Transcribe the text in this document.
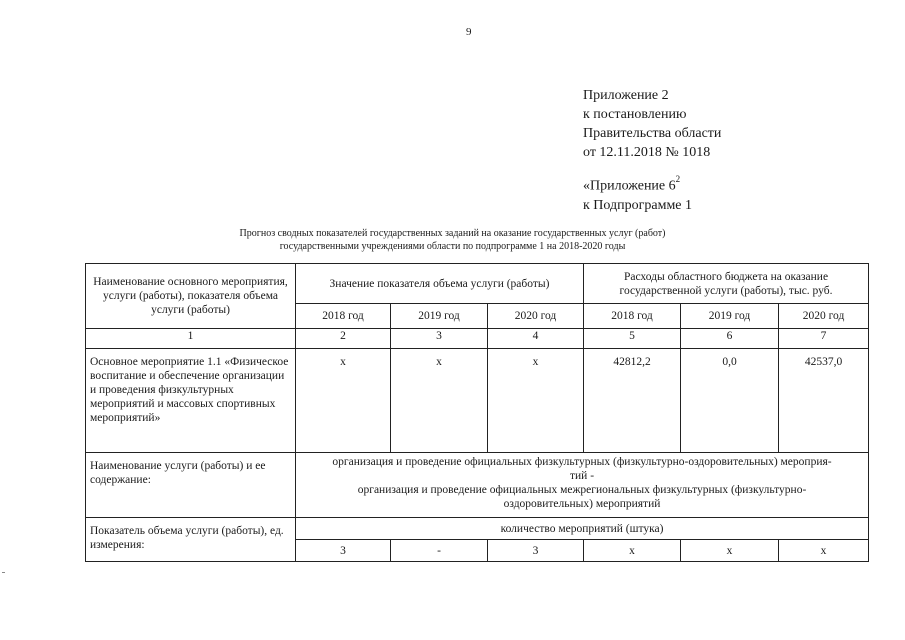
9
Приложение 2
к постановлению
Правительства области
от 12.11.2018 № 1018
«Приложение $6^2$
к Подпрограмме 1
Прогноз сводных показателей государственных заданий на оказание государственных услуг (работ)
государственными учреждениями области по подпрограмме 1 на 2018-2020 годы
Наименование основного мероприятия, услуги (работы), показателя объема услуги (работы)	Значение показателя объема услуги (работы)			Расходы областного бюджета на оказание государственной услуги (работы), тыс. руб.		
	2018 год	2019 год	2020 год	2018 год	2019 год	2020 год
1	2	3	4	5	6	7
Основное мероприятие 1.1 «Физическое воспитание и обеспечение организации и проведения физкультурных мероприятий и массовых спортивных мероприятий»	х	х	х	42812,2	0,0	42537,0
Наименование услуги (работы) и ее содержание:	организация и проведение официальных физкультурных (физкультурно-оздоровительных) мероприя-
тий -
организация и проведение официальных межрегиональных физкультурных (физкультурно-
оздоровительных) мероприятий					

Показатель объема услуги (работы), ед. измерения:	количество мероприятий (штука)					
	3	-	3	х	х	х
